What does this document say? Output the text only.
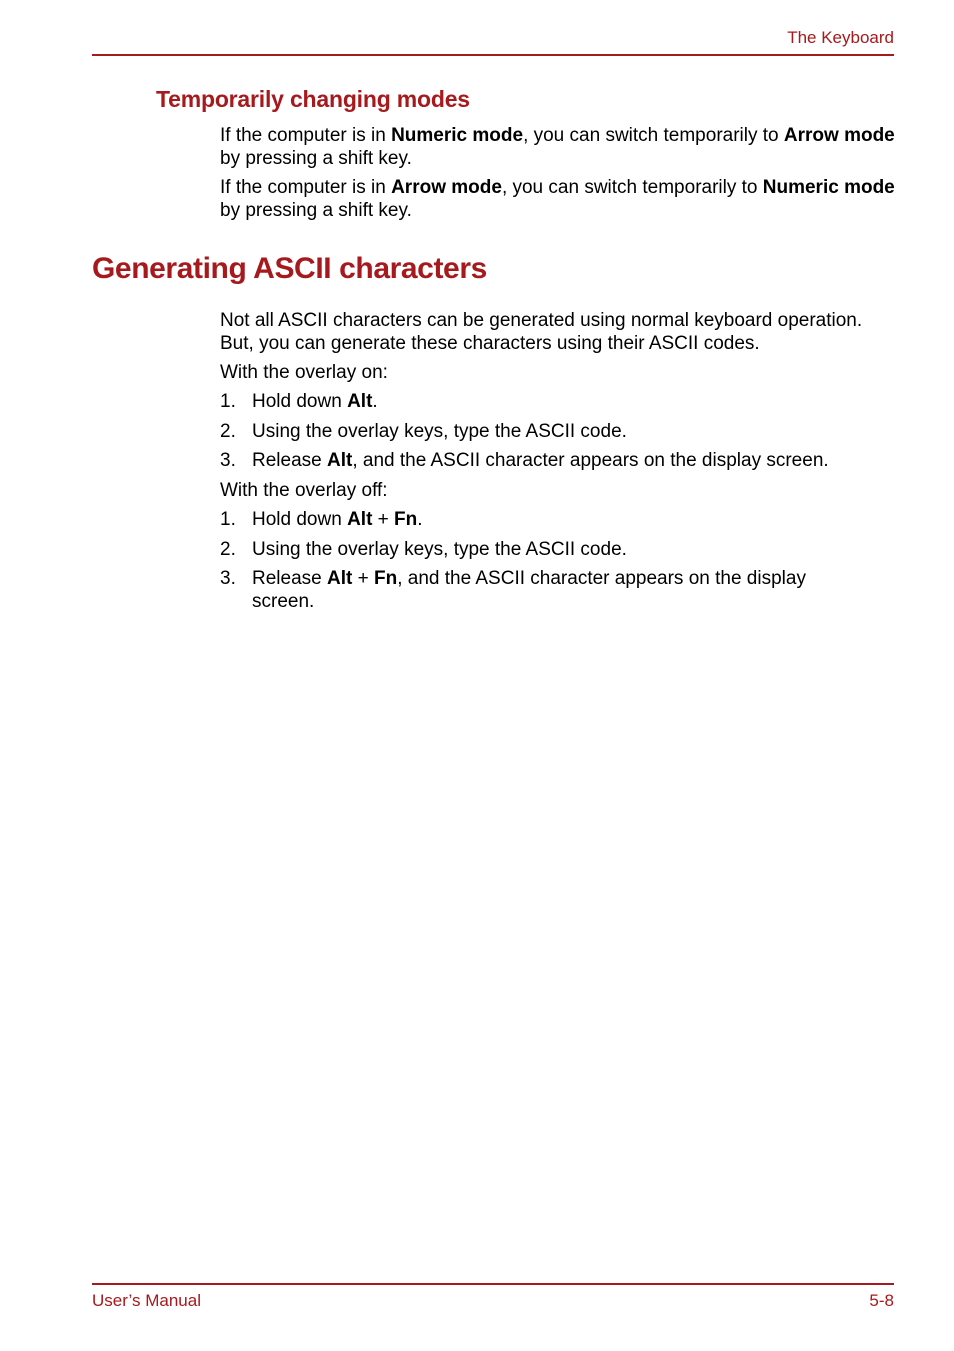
The Keyboard
Temporarily changing modes
If the computer is in Numeric mode, you can switch temporarily to Arrow mode by pressing a shift key.
If the computer is in Arrow mode, you can switch temporarily to Numeric mode by pressing a shift key.
Generating ASCII characters
Not all ASCII characters can be generated using normal keyboard operation. But, you can generate these characters using their ASCII codes.
With the overlay on:
1. Hold down Alt.
2. Using the overlay keys, type the ASCII code.
3. Release Alt, and the ASCII character appears on the display screen.
With the overlay off:
1. Hold down Alt + Fn.
2. Using the overlay keys, type the ASCII code.
3. Release Alt + Fn, and the ASCII character appears on the display screen.
User’s Manual	5-8
